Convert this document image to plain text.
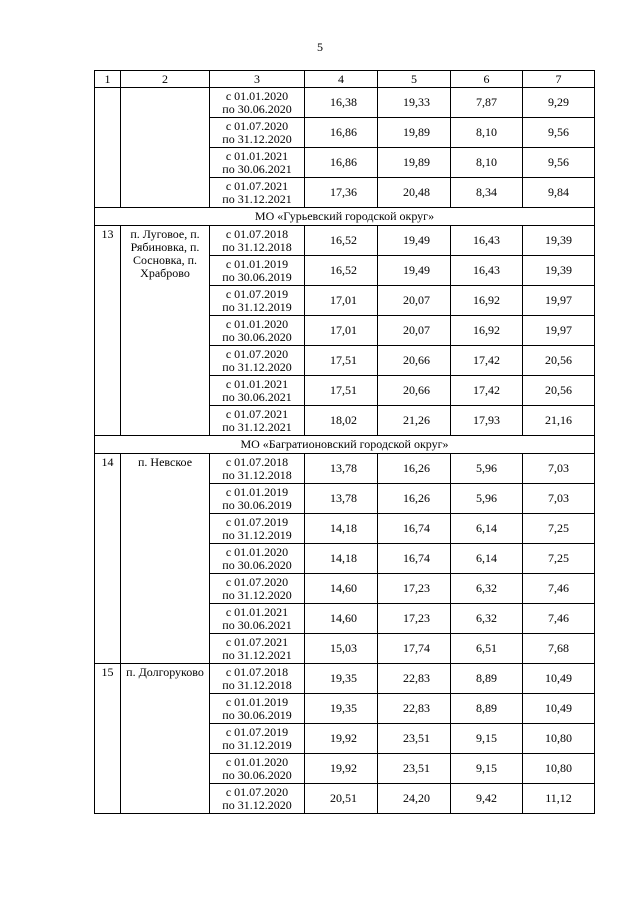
5
1	2	3	4	5	6	7

		с 01.01.2020
по 30.06.2020	16,38	19,33	7,87	9,29

		с 01.07.2020
по 31.12.2020	16,86	19,89	8,10	9,56

		с 01.01.2021
по 30.06.2021	16,86	19,89	8,10	9,56

		с 01.07.2021
по 31.12.2021	17,36	20,48	8,34	9,84
МО «Гурьевский городской округ»						
13	п. Луговое, п. Рябиновка, п. Сосновка, п. Храброво	с 01.07.2018
по 31.12.2018	16,52	19,49	16,43	19,39

		с 01.01.2019
по 30.06.2019	16,52	19,49	16,43	19,39

		с 01.07.2019
по 31.12.2019	17,01	20,07	16,92	19,97

		с 01.01.2020
по 30.06.2020	17,01	20,07	16,92	19,97

		с 01.07.2020
по 31.12.2020	17,51	20,66	17,42	20,56

		с 01.01.2021
по 30.06.2021	17,51	20,66	17,42	20,56

		с 01.07.2021
по 31.12.2021	18,02	21,26	17,93	21,16
МО «Багратионовский городской округ»						
14	п. Невское	с 01.07.2018
по 31.12.2018	13,78	16,26	5,96	7,03

		с 01.01.2019
по 30.06.2019	13,78	16,26	5,96	7,03

		с 01.07.2019
по 31.12.2019	14,18	16,74	6,14	7,25

		с 01.01.2020
по 30.06.2020	14,18	16,74	6,14	7,25

		с 01.07.2020
по 31.12.2020	14,60	17,23	6,32	7,46

		с 01.01.2021
по 30.06.2021	14,60	17,23	6,32	7,46

		с 01.07.2021
по 31.12.2021	15,03	17,74	6,51	7,68
15	п. Долгоруково	с 01.07.2018
по 31.12.2018	19,35	22,83	8,89	10,49

		с 01.01.2019
по 30.06.2019	19,35	22,83	8,89	10,49

		с 01.07.2019
по 31.12.2019	19,92	23,51	9,15	10,80

		с 01.01.2020
по 30.06.2020	19,92	23,51	9,15	10,80

		с 01.07.2020
по 31.12.2020	20,51	24,20	9,42	11,12
